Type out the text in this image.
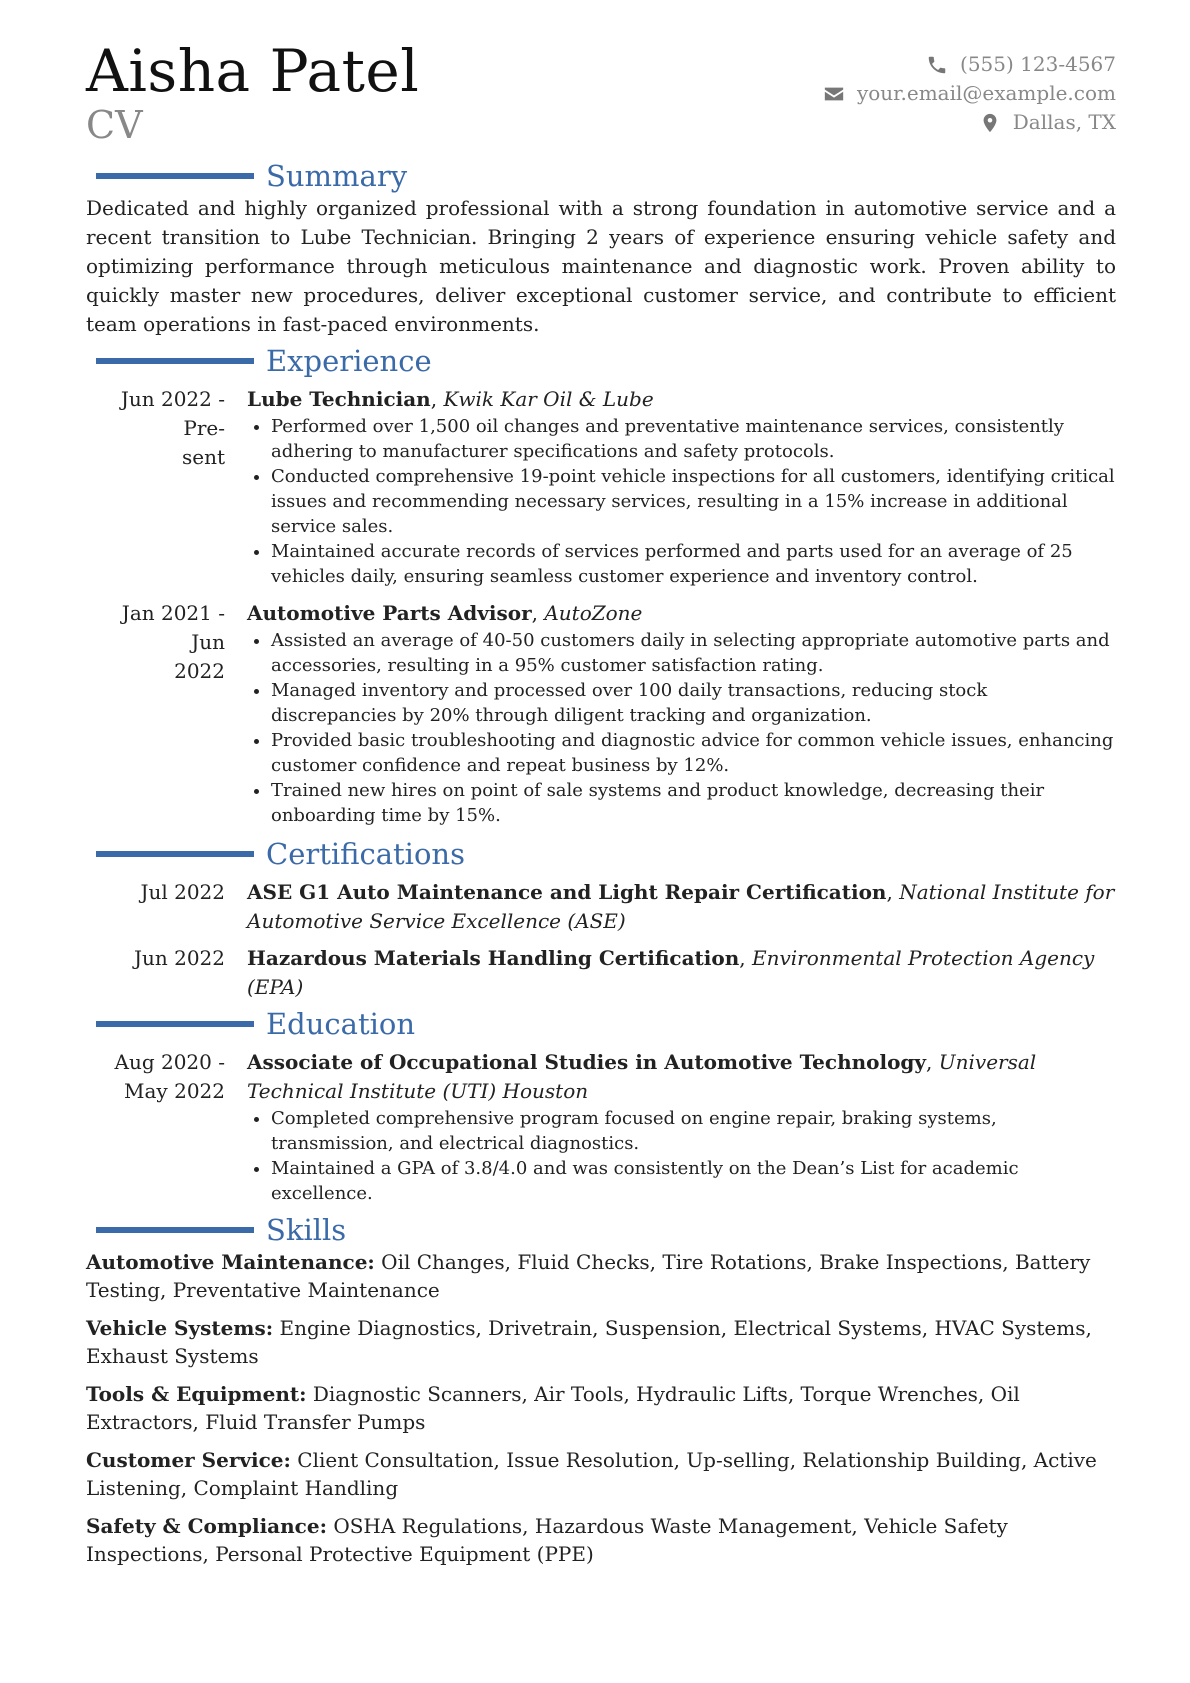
Aisha Patel
CV
(555) 123-4567
your.email@example.com
Dallas, TX
Summary

Dedicated and highly organized professional with a strong foundation in automotive service and a recent transition to Lube Technician. Bringing 2 years of experience ensuring vehicle safety and optimizing performance through meticulous maintenance and diagnostic work. Proven ability to quickly master new procedures, deliver exceptional customer service, and contribute to efficient team operations in fast-paced environments.

Experience
Jun 2022 - Pre-
sent
Lube Technician, Kwik Kar Oil & Lube
• Performed over 1,500 oil changes and preventative maintenance services, consistently adhering to manufacturer specifications and safety protocols.
• Conducted comprehensive 19-point vehicle inspections for all customers, identifying critical issues and recommending necessary services, resulting in a 15% increase in additional service sales.
• Maintained accurate records of services performed and parts used for an average of 25 vehicles daily, ensuring seamless customer experience and inventory control.
Jan 2021 - Jun
2022
Automotive Parts Advisor, AutoZone
• Assisted an average of 40-50 customers daily in selecting appropriate automotive parts and accessories, resulting in a 95% customer satisfaction rating.
• Managed inventory and processed over 100 daily transactions, reducing stock discrepancies by 20% through diligent tracking and organization.
• Provided basic troubleshooting and diagnostic advice for common vehicle issues, enhancing customer confidence and repeat business by 12%.
• Trained new hires on point of sale systems and product knowledge, decreasing their onboarding time by 15%.
Certifications
Jul 2022	ASE G1 Auto Maintenance and Light Repair Certification, National Institute for Automotive Service Excellence (ASE)
Jun 2022	Hazardous Materials Handling Certification, Environmental Protection Agency (EPA)
Education
Aug 2020 -
May 2022
Associate of Occupational Studies in Automotive Technology, Universal Technical Institute (UTI) Houston
• Completed comprehensive program focused on engine repair, braking systems, transmission, and electrical diagnostics.
• Maintained a GPA of 3.8/4.0 and was consistently on the Dean’s List for academic excellence.
Skills

Automotive Maintenance: Oil Changes, Fluid Checks, Tire Rotations, Brake Inspections, Battery Testing, Preventative Maintenance

Vehicle Systems: Engine Diagnostics, Drivetrain, Suspension, Electrical Systems, HVAC Systems, Exhaust Systems

Tools & Equipment: Diagnostic Scanners, Air Tools, Hydraulic Lifts, Torque Wrenches, Oil Extractors, Fluid Transfer Pumps

Customer Service: Client Consultation, Issue Resolution, Up-selling, Relationship Building, Active Listening, Complaint Handling

Safety & Compliance: OSHA Regulations, Hazardous Waste Management, Vehicle Safety Inspections, Personal Protective Equipment (PPE)
